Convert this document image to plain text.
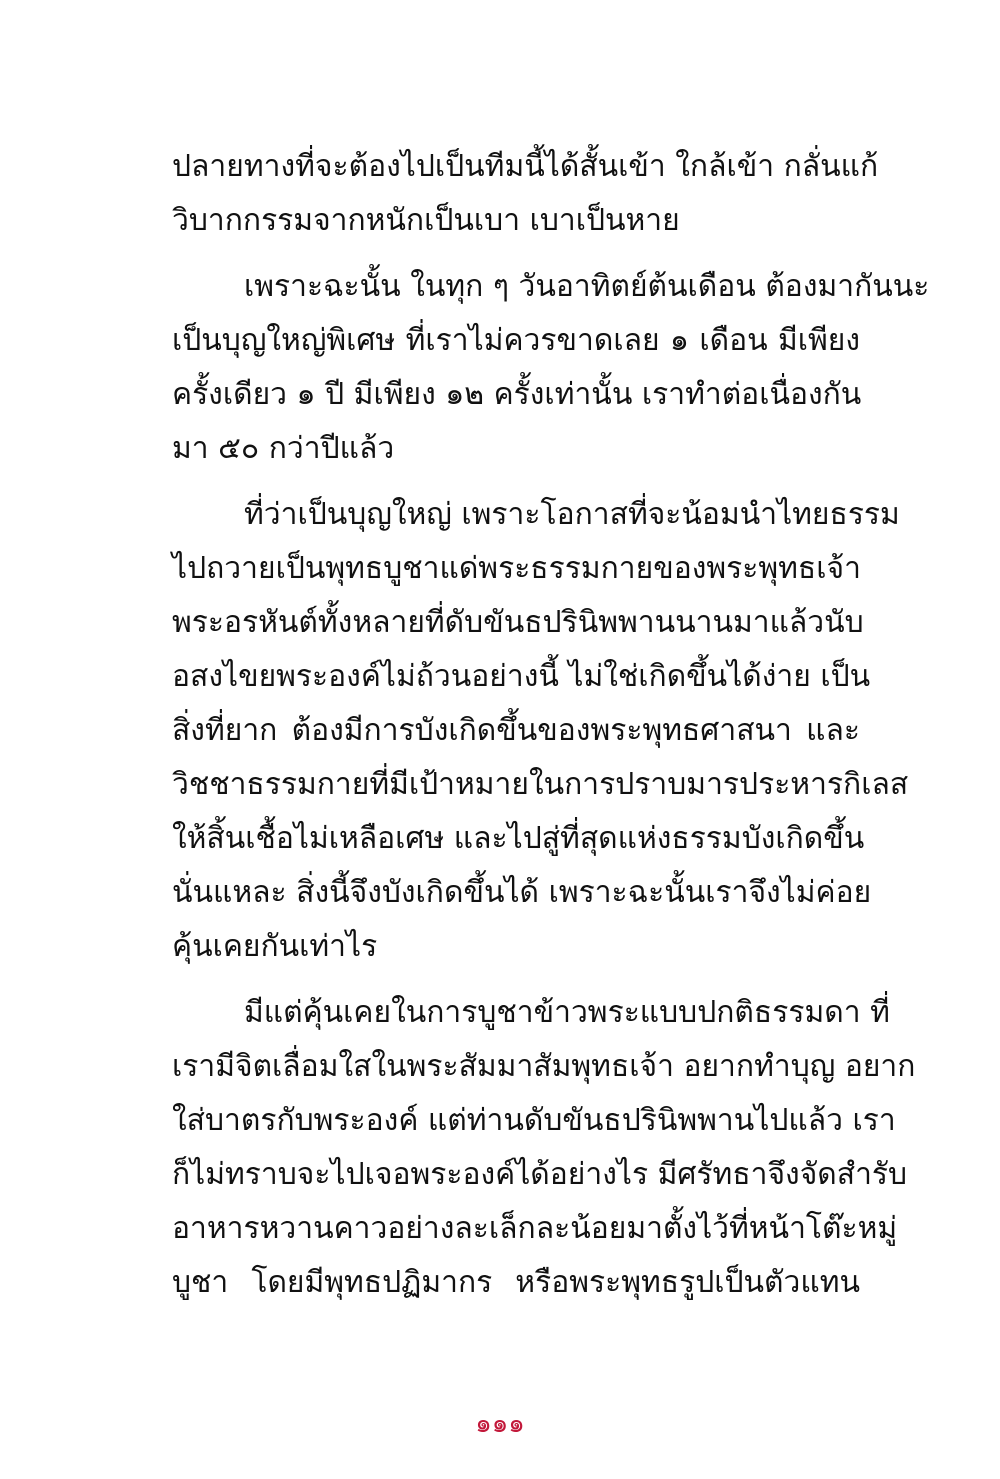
ปลายทางที่จะต้องไปเป็นทีมนี้ได้สั้นเข้า ใกล้เข้า กลั่นแก้
วิบากกรรมจากหนักเป็นเบา เบาเป็นหาย
เพราะฉะนั้น ในทุก ๆ วันอาทิตย์ต้นเดือน ต้องมากันนะ
เป็นบุญใหญ่พิเศษ ที่เราไม่ควรขาดเลย ๑ เดือน มีเพียง
ครั้งเดียว ๑ ปี มีเพียง ๑๒ ครั้งเท่านั้น เราทำต่อเนื่องกัน
มา ๕๐ กว่าปีแล้ว
ที่ว่าเป็นบุญใหญ่ เพราะโอกาสที่จะน้อมนำไทยธรรม
ไปถวายเป็นพุทธบูชาแด่พระธรรมกายของพระพุทธเจ้า
พระอรหันต์ทั้งหลายที่ดับขันธปรินิพพานนานมาแล้วนับ
อสงไขยพระองค์ไม่ถ้วนอย่างนี้ ไม่ใช่เกิดขึ้นได้ง่าย เป็น
สิ่งที่ยาก ต้องมีการบังเกิดขึ้นของพระพุทธศาสนา และ
วิชชาธรรมกายที่มีเป้าหมายในการปราบมารประหารกิเลส
ให้สิ้นเชื้อไม่เหลือเศษ และไปสู่ที่สุดแห่งธรรมบังเกิดขึ้น
นั่นแหละ สิ่งนี้จึงบังเกิดขึ้นได้ เพราะฉะนั้นเราจึงไม่ค่อย
คุ้นเคยกันเท่าไร
มีแต่คุ้นเคยในการบูชาข้าวพระแบบปกติธรรมดา ที่
เรามีจิตเลื่อมใสในพระสัมมาสัมพุทธเจ้า อยากทำบุญ อยาก
ใส่บาตรกับพระองค์ แต่ท่านดับขันธปรินิพพานไปแล้ว เรา
ก็ไม่ทราบจะไปเจอพระองค์ได้อย่างไร มีศรัทธาจึงจัดสำรับ
อาหารหวานคาวอย่างละเล็กละน้อยมาตั้งไว้ที่หน้าโต๊ะหมู่
บูชา โดยมีพุทธปฏิมากร หรือพระพุทธรูปเป็นตัวแทน
๑๑๑
